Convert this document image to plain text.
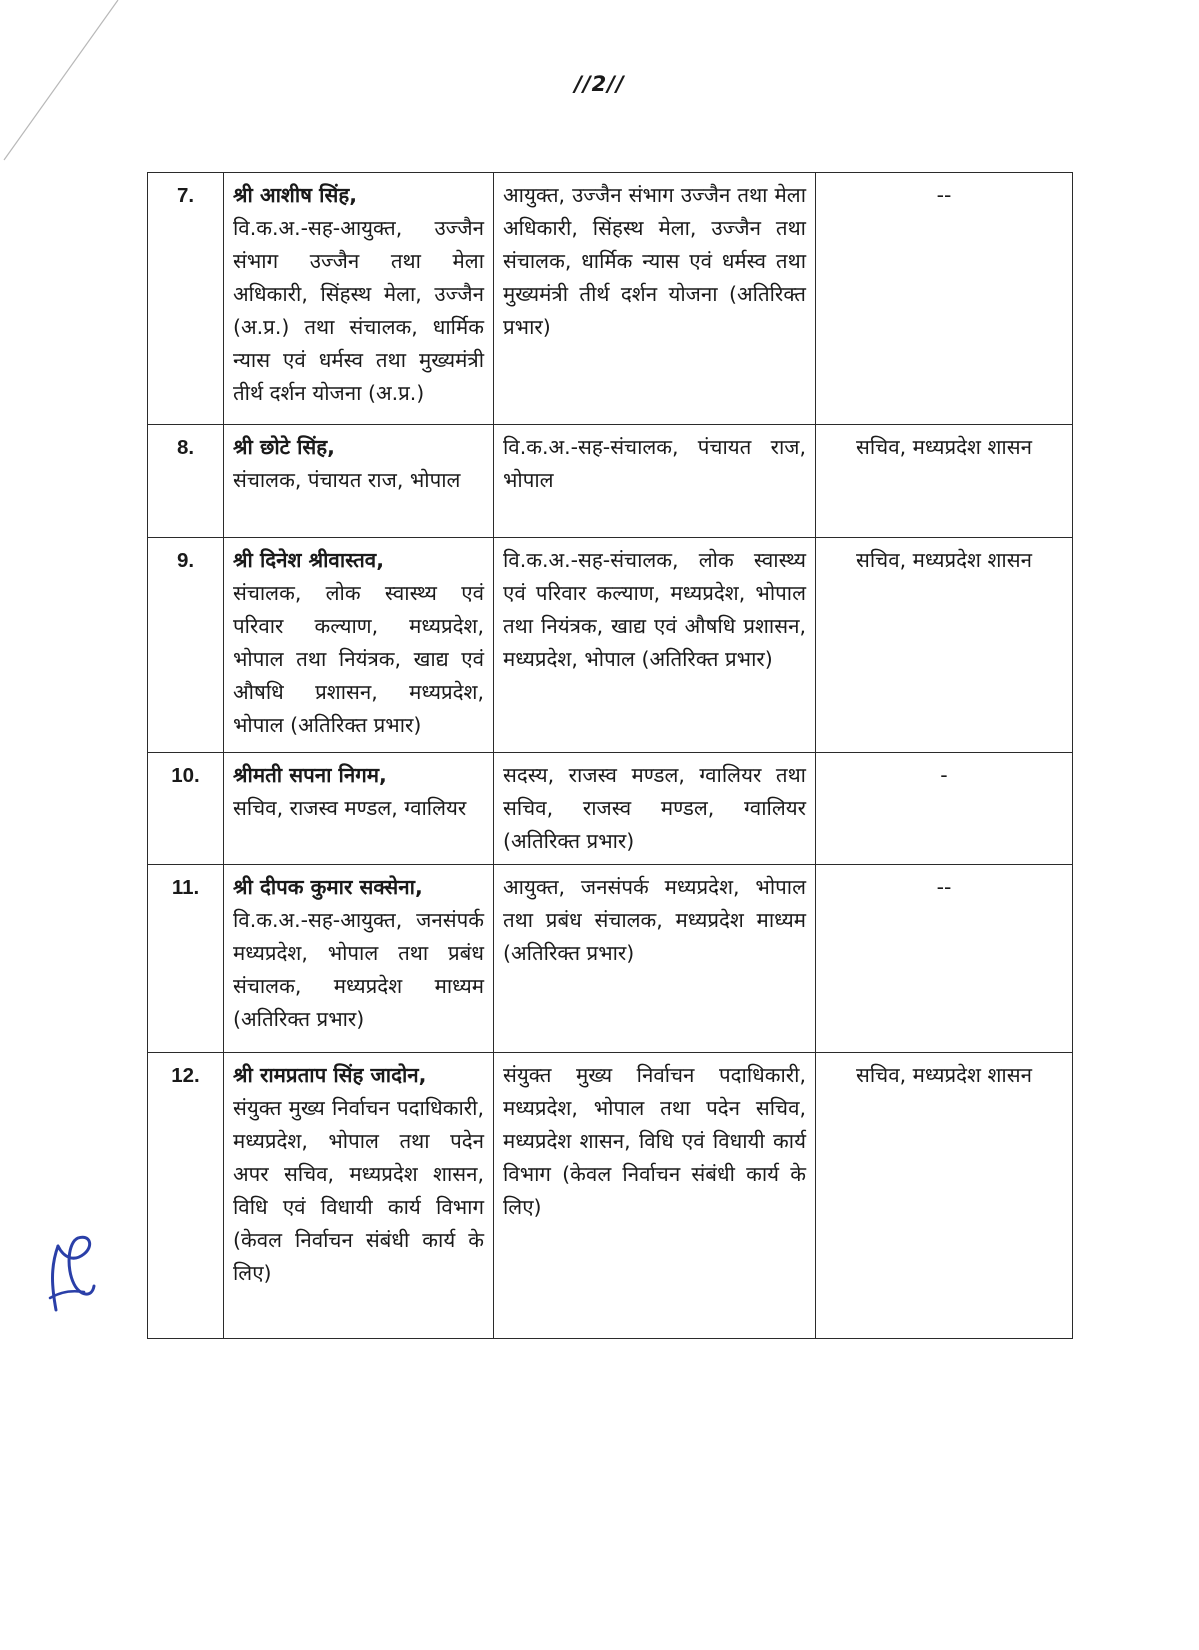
//2//
7.	श्री आशीष सिंह,
वि.क.अ.-सह-आयुक्त, उज्जैन संभाग उज्जैन तथा मेला अधिकारी, सिंहस्थ मेला, उज्जैन (अ.प्र.) तथा संचालक, धार्मिक न्यास एवं धर्मस्व तथा मुख्यमंत्री तीर्थ दर्शन योजना (अ.प्र.)	आयुक्त, उज्जैन संभाग उज्जैन तथा मेला अधिकारी, सिंहस्थ मेला, उज्जैन तथा संचालक, धार्मिक न्यास एवं धर्मस्व तथा मुख्यमंत्री तीर्थ दर्शन योजना (अतिरिक्त प्रभार)	--
8.	श्री छोटे सिंह,
संचालक, पंचायत राज, भोपाल	वि.क.अ.-सह-संचालक, पंचायत राज, भोपाल	सचिव, मध्यप्रदेश शासन
9.	श्री दिनेश श्रीवास्तव,
संचालक, लोक स्वास्थ्य एवं परिवार कल्याण, मध्यप्रदेश, भोपाल तथा नियंत्रक, खाद्य एवं औषधि प्रशासन, मध्यप्रदेश, भोपाल (अतिरिक्त प्रभार)	वि.क.अ.-सह-संचालक, लोक स्वास्थ्य एवं परिवार कल्याण, मध्यप्रदेश, भोपाल तथा नियंत्रक, खाद्य एवं औषधि प्रशासन, मध्यप्रदेश, भोपाल (अतिरिक्त प्रभार)	सचिव, मध्यप्रदेश शासन
10.	श्रीमती सपना निगम,
सचिव, राजस्व मण्डल, ग्वालियर	सदस्य, राजस्व मण्डल, ग्वालियर तथा सचिव, राजस्व मण्डल, ग्वालियर (अतिरिक्त प्रभार)	-
11.	श्री दीपक कुमार सक्सेना,
वि.क.अ.-सह-आयुक्त, जनसंपर्क मध्यप्रदेश, भोपाल तथा प्रबंध संचालक, मध्यप्रदेश माध्यम (अतिरिक्त प्रभार)	आयुक्त, जनसंपर्क मध्यप्रदेश, भोपाल तथा प्रबंध संचालक, मध्यप्रदेश माध्यम (अतिरिक्त प्रभार)	--
12.	श्री रामप्रताप सिंह जादोन,
संयुक्त मुख्य निर्वाचन पदाधिकारी, मध्यप्रदेश, भोपाल तथा पदेन अपर सचिव, मध्यप्रदेश शासन, विधि एवं विधायी कार्य विभाग (केवल निर्वाचन संबंधी कार्य के लिए)	संयुक्त मुख्य निर्वाचन पदाधिकारी, मध्यप्रदेश, भोपाल तथा पदेन सचिव, मध्यप्रदेश शासन, विधि एवं विधायी कार्य विभाग (केवल निर्वाचन संबंधी कार्य के लिए)	सचिव, मध्यप्रदेश शासन
